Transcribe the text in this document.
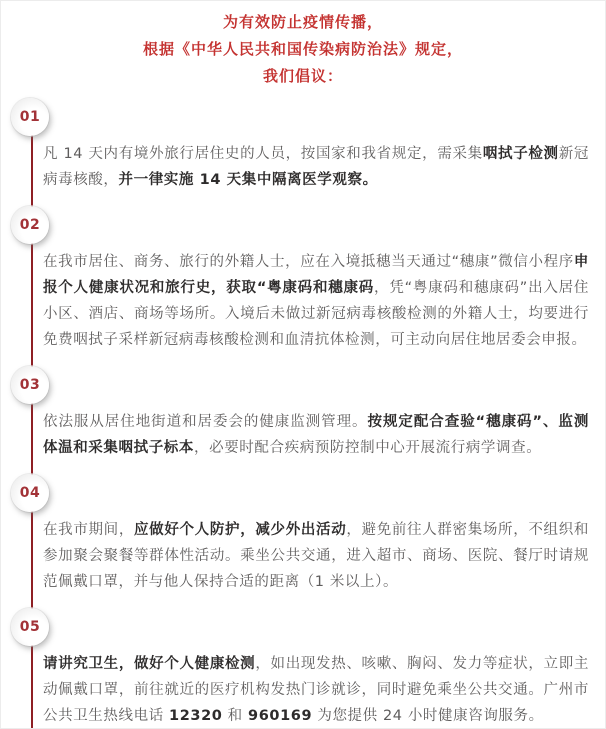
为有效防止疫情传播，

根据《中华人民共和国传染病防治法》规定，

我们倡议：

01

凡 14 天内有境外旅行居住史的人员，按国家和我省规定，需采集咽拭子检测新冠病毒核酸，并一律实施 14 天集中隔离医学观察。

02

在我市居住、商务、旅行的外籍人士，应在入境抵穗当天通过“穗康”微信小程序申报个人健康状况和旅行史，获取“粤康码和穗康码，凭“粤康码和穗康码”出入居住小区、酒店、商场等场所。入境后未做过新冠病毒核酸检测的外籍人士，均要进行免费咽拭子采样新冠病毒核酸检测和血清抗体检测，可主动向居住地居委会申报。

03

依法服从居住地街道和居委会的健康监测管理。按规定配合查验“穗康码”、监测体温和采集咽拭子标本，必要时配合疾病预防控制中心开展流行病学调查。

04

在我市期间，应做好个人防护，减少外出活动，避免前往人群密集场所，不组织和参加聚会聚餐等群体性活动。乘坐公共交通，进入超市、商场、医院、餐厅时请规范佩戴口罩，并与他人保持合适的距离（1 米以上）。

05

请讲究卫生，做好个人健康检测，如出现发热、咳嗽、胸闷、发力等症状，立即主动佩戴口罩，前往就近的医疗机构发热门诊就诊，同时避免乘坐公共交通。广州市公共卫生热线电话 12320 和 960169 为您提供 24 小时健康咨询服务。
